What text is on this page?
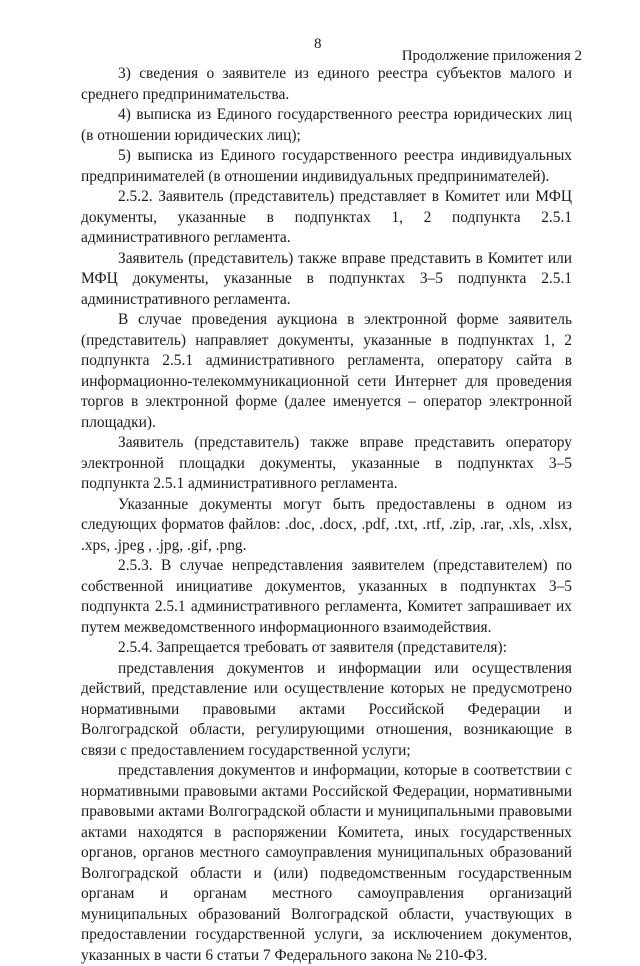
8
Продолжение приложения 2

3) сведения о заявителе из единого реестра субъектов малого и среднего предпринимательства.

4) выписка из Единого государственного реестра юридических лиц (в отношении юридических лиц);

5) выписка из Единого государственного реестра индивидуальных предпринимателей (в отношении индивидуальных предпринимателей).

2.5.2. Заявитель (представитель) представляет в Комитет или МФЦ документы, указанные в подпунктах 1, 2 подпункта 2.5.1 административного регламента.

Заявитель (представитель) также вправе представить в Комитет или МФЦ документы, указанные в подпунктах 3–5 подпункта 2.5.1 административного регламента.

В случае проведения аукциона в электронной форме заявитель (представитель) направляет документы, указанные в подпунктах 1, 2 подпункта 2.5.1 административного регламента, оператору сайта в информационно-телекоммуникационной сети Интернет для проведения торгов в электронной форме (далее именуется – оператор электронной площадки).

Заявитель (представитель) также вправе представить оператору электронной площадки документы, указанные в подпунктах 3–5 подпункта 2.5.1 административного регламента.

Указанные документы могут быть предоставлены в одном из следующих форматов файлов: .doc, .docx, .pdf, .txt, .rtf, .zip, .rar, .xls, .xlsx, .xps, .jpeg , .jpg, .gif, .png.

2.5.3. В случае непредставления заявителем (представителем) по собственной инициативе документов, указанных в подпунктах 3–5 подпункта 2.5.1 административного регламента, Комитет запрашивает их путем межведомственного информационного взаимодействия.

2.5.4. Запрещается требовать от заявителя (представителя):

представления документов и информации или осуществления действий, представление или осуществление которых не предусмотрено нормативными правовыми актами Российской Федерации и Волгоградской области, регулирующими отношения, возникающие в связи с предоставлением государственной услуги;

представления документов и информации, которые в соответствии с нормативными правовыми актами Российской Федерации, нормативными правовыми актами Волгоградской области и муниципальными правовыми актами находятся в распоряжении Комитета, иных государственных органов, органов местного самоуправления муниципальных образований Волгоградской области и (или) подведомственным государственным органам и органам местного самоуправления организаций муниципальных образований Волгоградской области, участвующих в предоставлении государственной услуги, за исключением документов, указанных в части 6 статьи 7 Федерального закона № 210-ФЗ.
